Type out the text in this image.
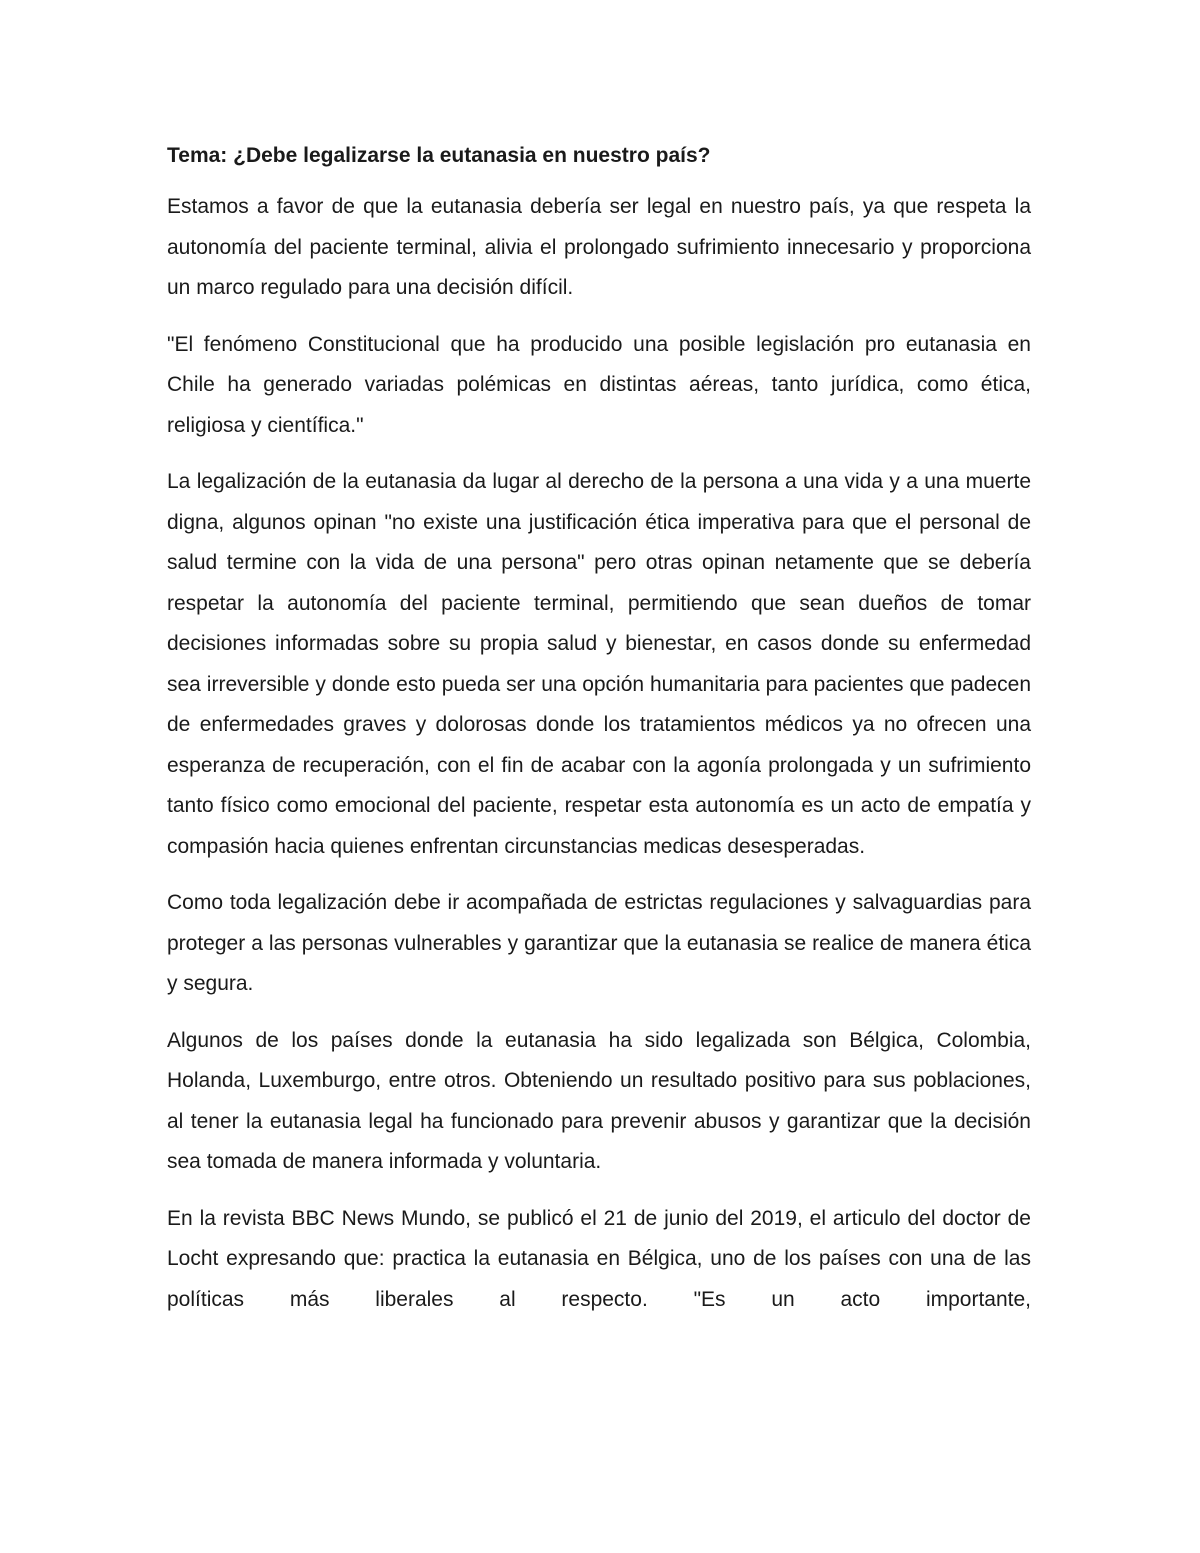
Tema: ¿Debe legalizarse la eutanasia en nuestro país?

Estamos a favor de que la eutanasia debería ser legal en nuestro país, ya que respeta la autonomía del paciente terminal, alivia el prolongado sufrimiento innecesario y proporciona un marco regulado para una decisión difícil.

"El fenómeno Constitucional que ha producido una posible legislación pro eutanasia en Chile ha generado variadas polémicas en distintas aéreas, tanto jurídica, como ética, religiosa y científica."

La legalización de la eutanasia da lugar al derecho de la persona a una vida y a una muerte digna, algunos opinan "no existe una justificación ética imperativa para que el personal de salud termine con la vida de una persona" pero otras opinan netamente que se debería respetar la autonomía del paciente terminal, permitiendo que sean dueños de tomar decisiones informadas sobre su propia salud y bienestar, en casos donde su enfermedad sea irreversible y donde esto pueda ser una opción humanitaria para pacientes que padecen de enfermedades graves y dolorosas donde los tratamientos médicos ya no ofrecen una esperanza de recuperación, con el fin de acabar con la agonía prolongada y un sufrimiento tanto físico como emocional del paciente, respetar esta autonomía es un acto de empatía y compasión hacia quienes enfrentan circunstancias medicas desesperadas.

Como toda legalización debe ir acompañada de estrictas regulaciones y salvaguardias para proteger a las personas vulnerables y garantizar que la eutanasia se realice de manera ética y segura.

Algunos de los países donde la eutanasia ha sido legalizada son Bélgica, Colombia, Holanda, Luxemburgo, entre otros. Obteniendo un resultado positivo para sus poblaciones, al tener la eutanasia legal ha funcionado para prevenir abusos y garantizar que la decisión sea tomada de manera informada y voluntaria.

En la revista BBC News Mundo, se publicó el 21 de junio del 2019, el articulo del doctor de Locht expresando que: practica la eutanasia en Bélgica, uno de los países con una de las políticas más liberales al respecto. "Es un acto importante,
